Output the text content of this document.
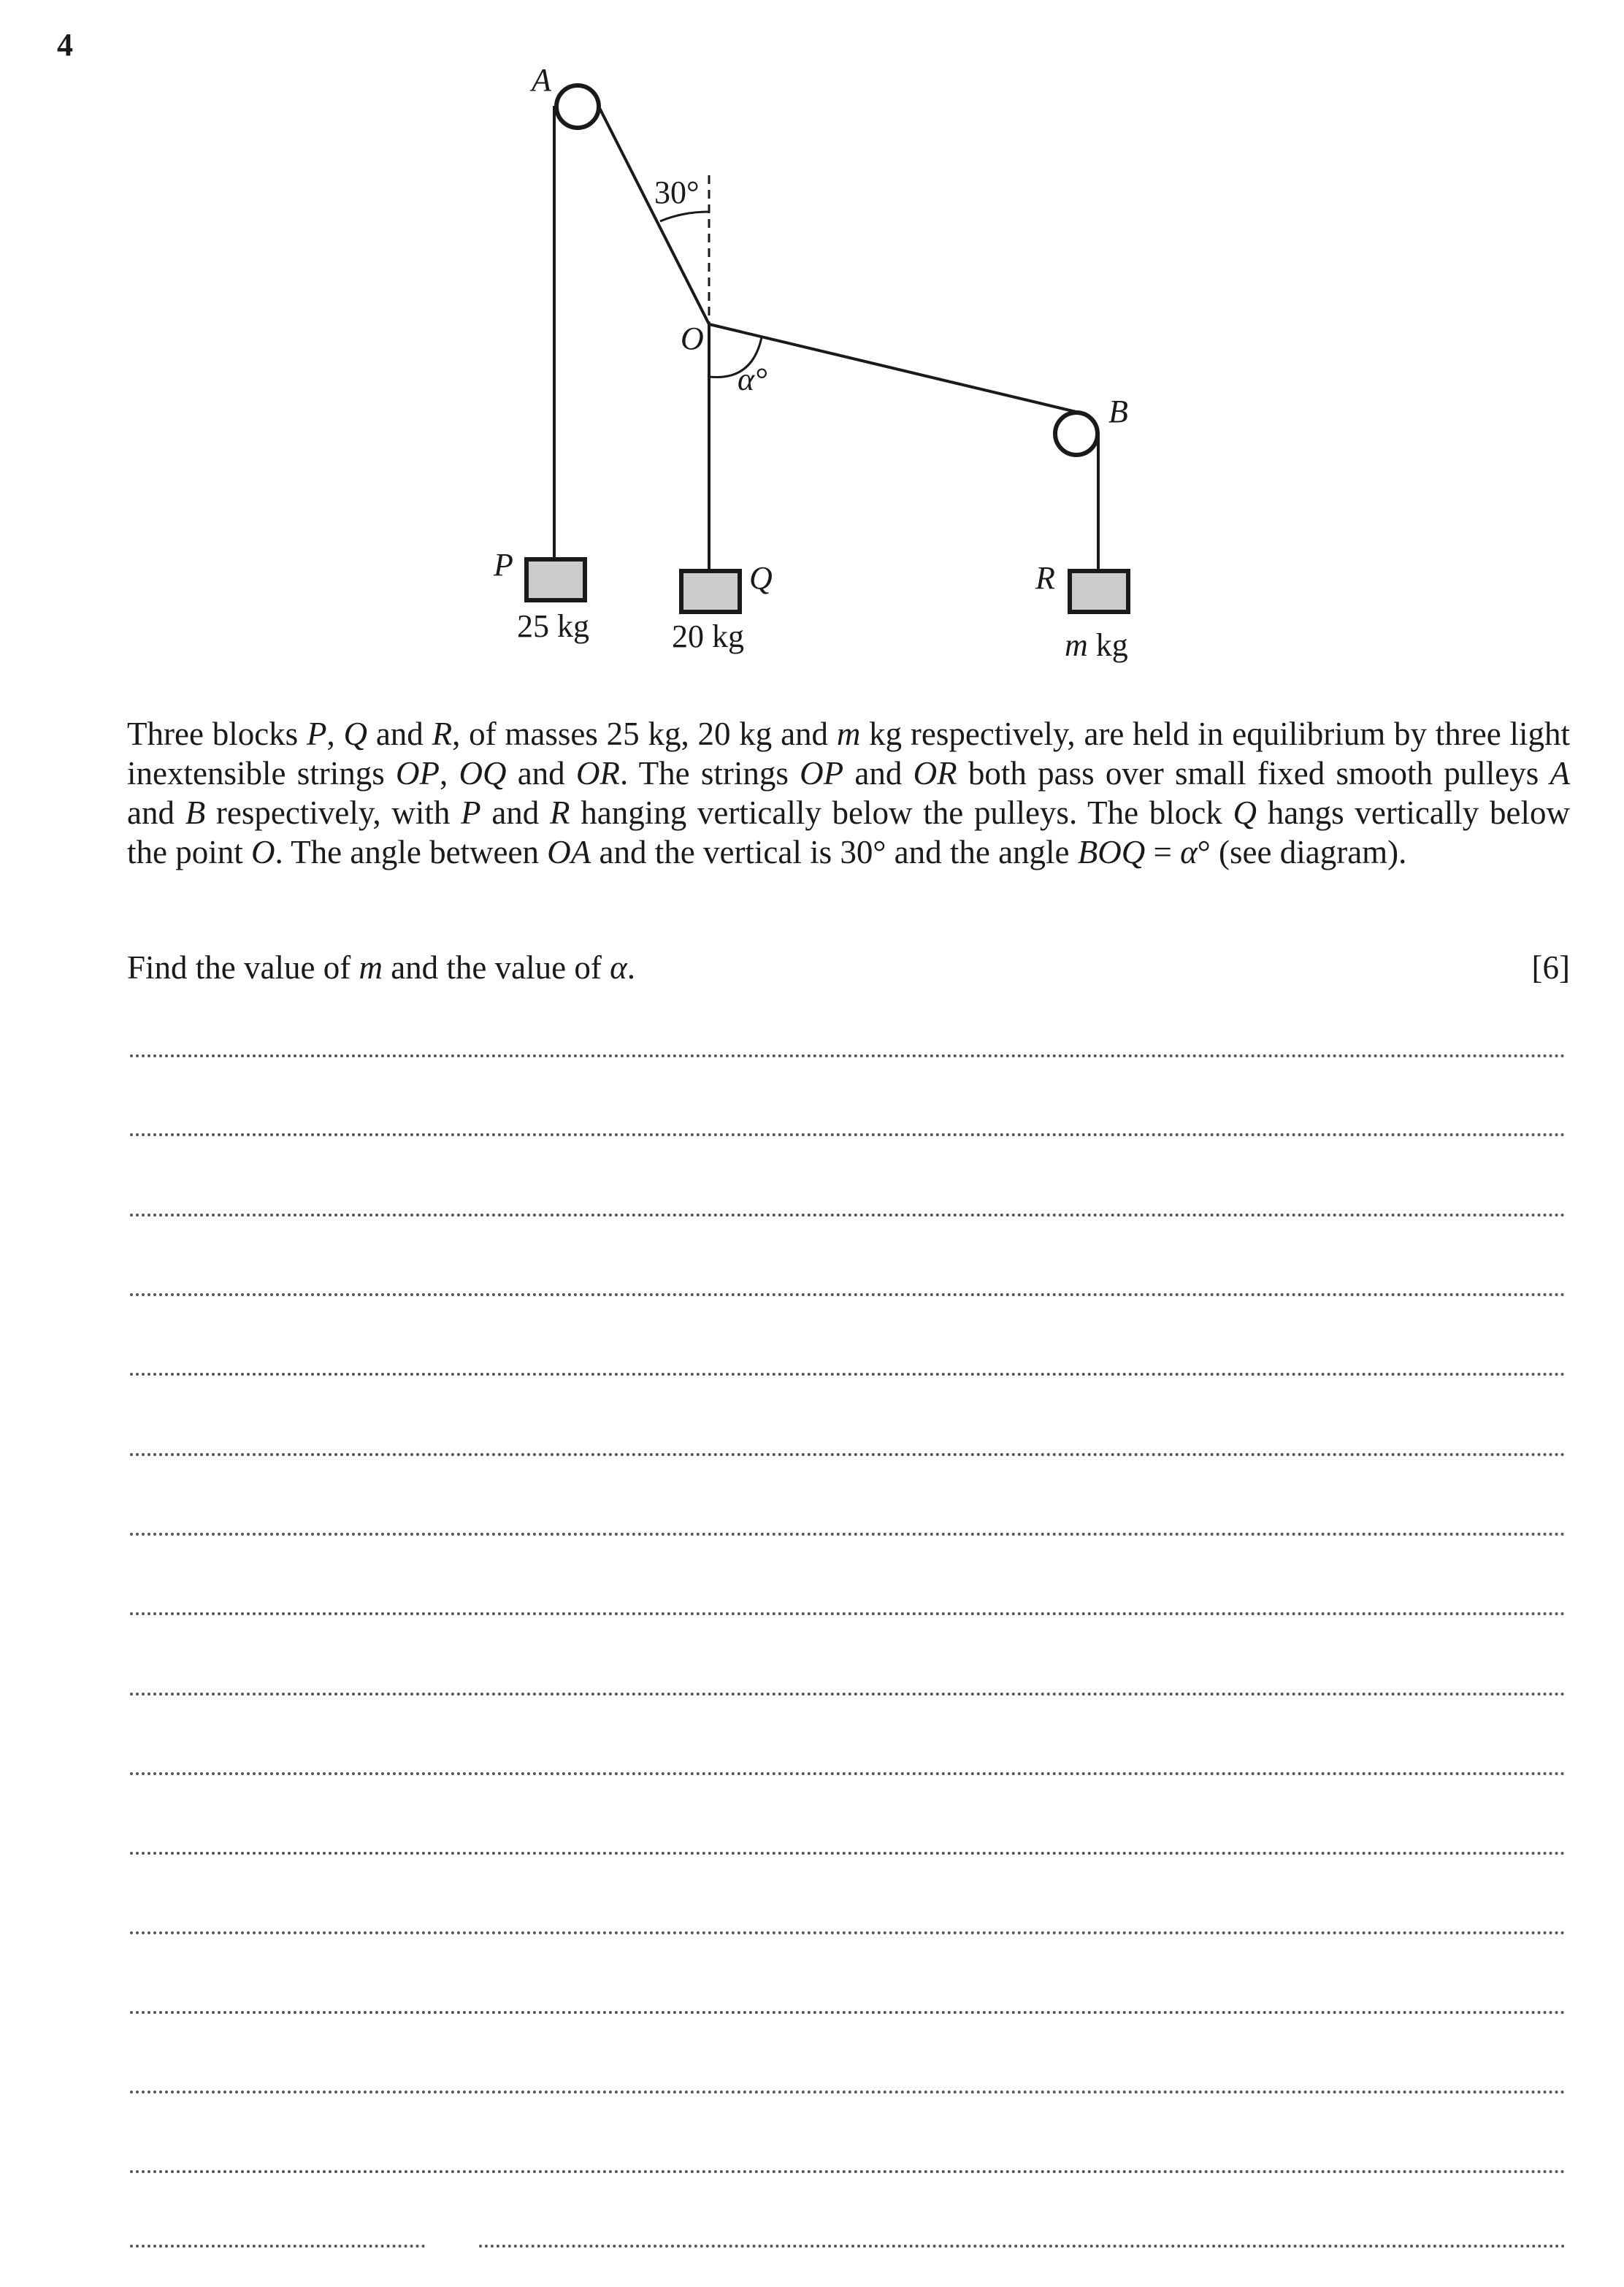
4
A
30°
O
α°
B
P	Q	R
25 kg	20 kg	m kg
Three blocks P, Q and R, of masses 25 kg, 20 kg and m kg respectively, are held in equilibrium by three light inextensible strings OP, OQ and OR. The strings OP and OR both pass over small fixed smooth pulleys A and B respectively, with P and R hanging vertically below the pulleys. The block Q hangs vertically below the point O. The angle between OA and the vertical is 30° and the angle BOQ = α° (see diagram).
Find the value of m and the value of α.	[6]
